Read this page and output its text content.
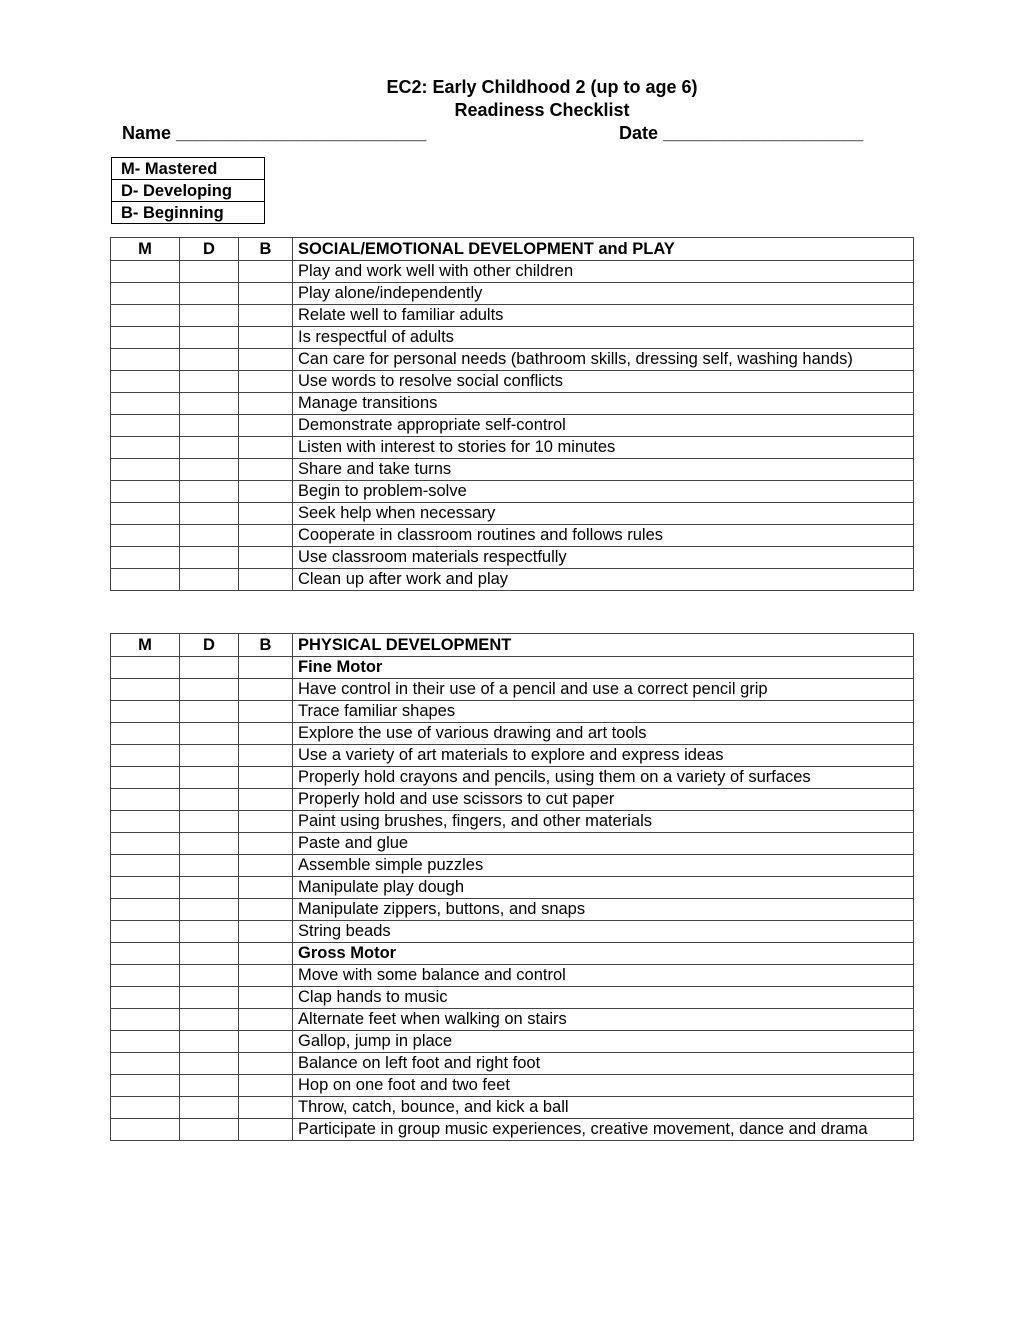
EC2: Early Childhood 2 (up to age 6)
Readiness Checklist
Name _________________________	Date ____________________
M- Mastered
D- Developing
B- Beginning
M	D	B	SOCIAL/EMOTIONAL DEVELOPMENT and PLAY
			Play and work well with other children
			Play alone/independently
			Relate well to familiar adults
			Is respectful of adults
			Can care for personal needs (bathroom skills, dressing self, washing hands)
			Use words to resolve social conflicts
			Manage transitions
			Demonstrate appropriate self-control
			Listen with interest to stories for 10 minutes
			Share and take turns
			Begin to problem-solve
			Seek help when necessary
			Cooperate in classroom routines and follows rules
			Use classroom materials respectfully
			Clean up after work and play
M	D	B	PHYSICAL DEVELOPMENT
			Fine Motor
			Have control in their use of a pencil and use a correct pencil grip
			Trace familiar shapes
			Explore the use of various drawing and art tools
			Use a variety of art materials to explore and express ideas
			Properly hold crayons and pencils, using them on a variety of surfaces
			Properly hold and use scissors to cut paper
			Paint using brushes, fingers, and other materials
			Paste and glue
			Assemble simple puzzles
			Manipulate play dough
			Manipulate zippers, buttons, and snaps
			String beads
			Gross Motor
			Move with some balance and control
			Clap hands to music
			Alternate feet when walking on stairs
			Gallop, jump in place
			Balance on left foot and right foot
			Hop on one foot and two feet
			Throw, catch, bounce, and kick a ball
			Participate in group music experiences, creative movement, dance and drama
